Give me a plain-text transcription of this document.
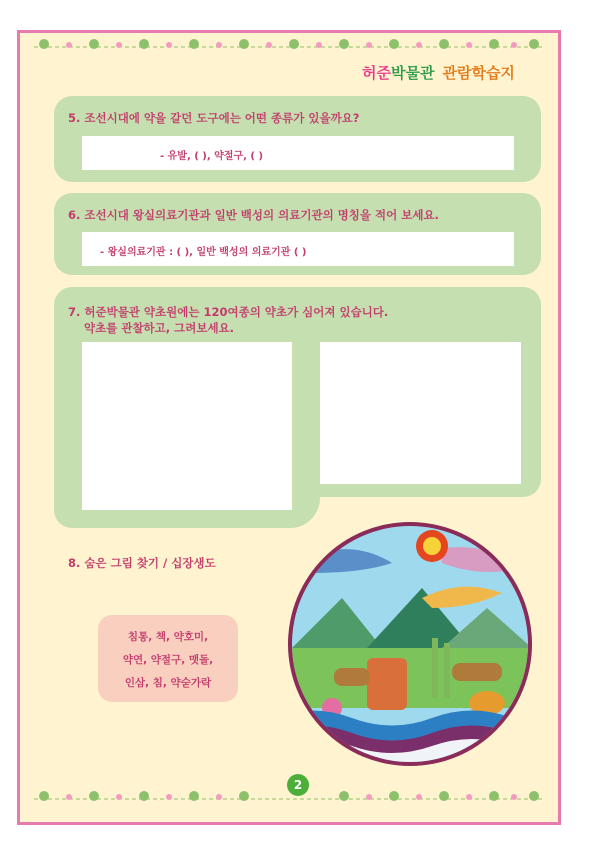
허준박물관 관람학습지
5. 조선시대에 약을 갈던 도구에는 어떤 종류가 있을까요?
- 유발, ( ), 약절구, ( )
6. 조선시대 왕실의료기관과 일반 백성의 의료기관의 명칭을 적어 보세요.
- 왕실의료기관 : ( ), 일반 백성의 의료기관 ( )
7. 허준박물관 약초원에는 120여종의 약초가 심어져 있습니다.
약초를 관찰하고, 그려보세요.
8. 숨은 그림 찾기 / 십장생도
침통, 책, 약호미,
약연, 약절구, 맷돌,
인삼, 침, 약숟가락
2
